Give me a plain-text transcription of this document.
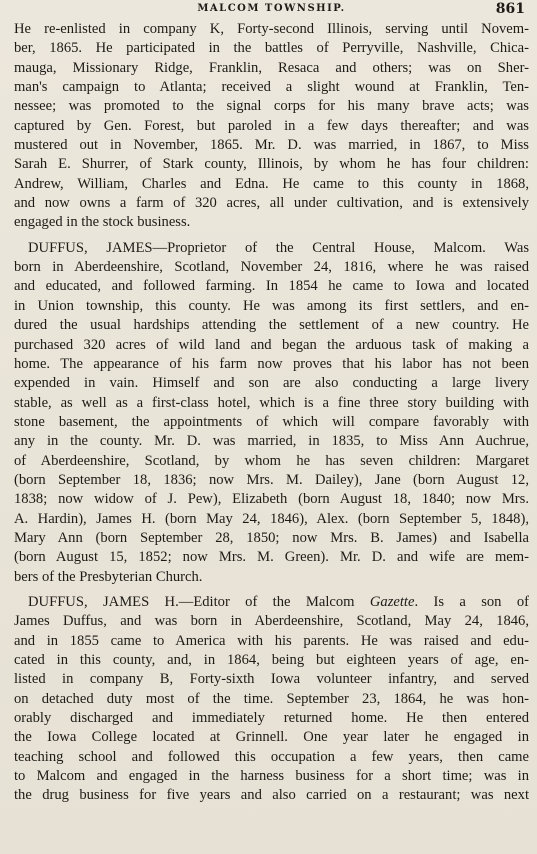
MALCOM TOWNSHIP.	861
He re-enlisted in company K, Forty-second Illinois, serving until Novem-
ber, 1865. He participated in the battles of Perryville, Nashville, Chica-
mauga, Missionary Ridge, Franklin, Resaca and others; was on Sher-
man's campaign to Atlanta; received a slight wound at Franklin, Ten-
nessee; was promoted to the signal corps for his many brave acts; was
captured by Gen. Forest, but paroled in a few days thereafter; and was
mustered out in November, 1865. Mr. D. was married, in 1867, to Miss
Sarah E. Shurrer, of Stark county, Illinois, by whom he has four children:
Andrew, William, Charles and Edna. He came to this county in 1868,
and now owns a farm of 320 acres, all under cultivation, and is extensively
engaged in the stock business.
DUFFUS, JAMES—Proprietor of the Central House, Malcom. Was
born in Aberdeenshire, Scotland, November 24, 1816, where he was raised
and educated, and followed farming. In 1854 he came to Iowa and located
in Union township, this county. He was among its first settlers, and en-
dured the usual hardships attending the settlement of a new country. He
purchased 320 acres of wild land and began the arduous task of making a
home. The appearance of his farm now proves that his labor has not been
expended in vain. Himself and son are also conducting a large livery
stable, as well as a first-class hotel, which is a fine three story building with
stone basement, the appointments of which will compare favorably with
any in the county. Mr. D. was married, in 1835, to Miss Ann Auchrue,
of Aberdeenshire, Scotland, by whom he has seven children: Margaret
(born September 18, 1836; now Mrs. M. Dailey), Jane (born August 12,
1838; now widow of J. Pew), Elizabeth (born August 18, 1840; now Mrs.
A. Hardin), James H. (born May 24, 1846), Alex. (born September 5, 1848),
Mary Ann (born September 28, 1850; now Mrs. B. James) and Isabella
(born August 15, 1852; now Mrs. M. Green). Mr. D. and wife are mem-
bers of the Presbyterian Church.
DUFFUS, JAMES H.—Editor of the Malcom Gazette. Is a son of
James Duffus, and was born in Aberdeenshire, Scotland, May 24, 1846,
and in 1855 came to America with his parents. He was raised and edu-
cated in this county, and, in 1864, being but eighteen years of age, en-
listed in company B, Forty-sixth Iowa volunteer infantry, and served
on detached duty most of the time. September 23, 1864, he was hon-
orably discharged and immediately returned home. He then entered
the Iowa College located at Grinnell. One year later he engaged in
teaching school and followed this occupation a few years, then came
to Malcom and engaged in the harness business for a short time; was in
the drug business for five years and also carried on a restaurant; was next
